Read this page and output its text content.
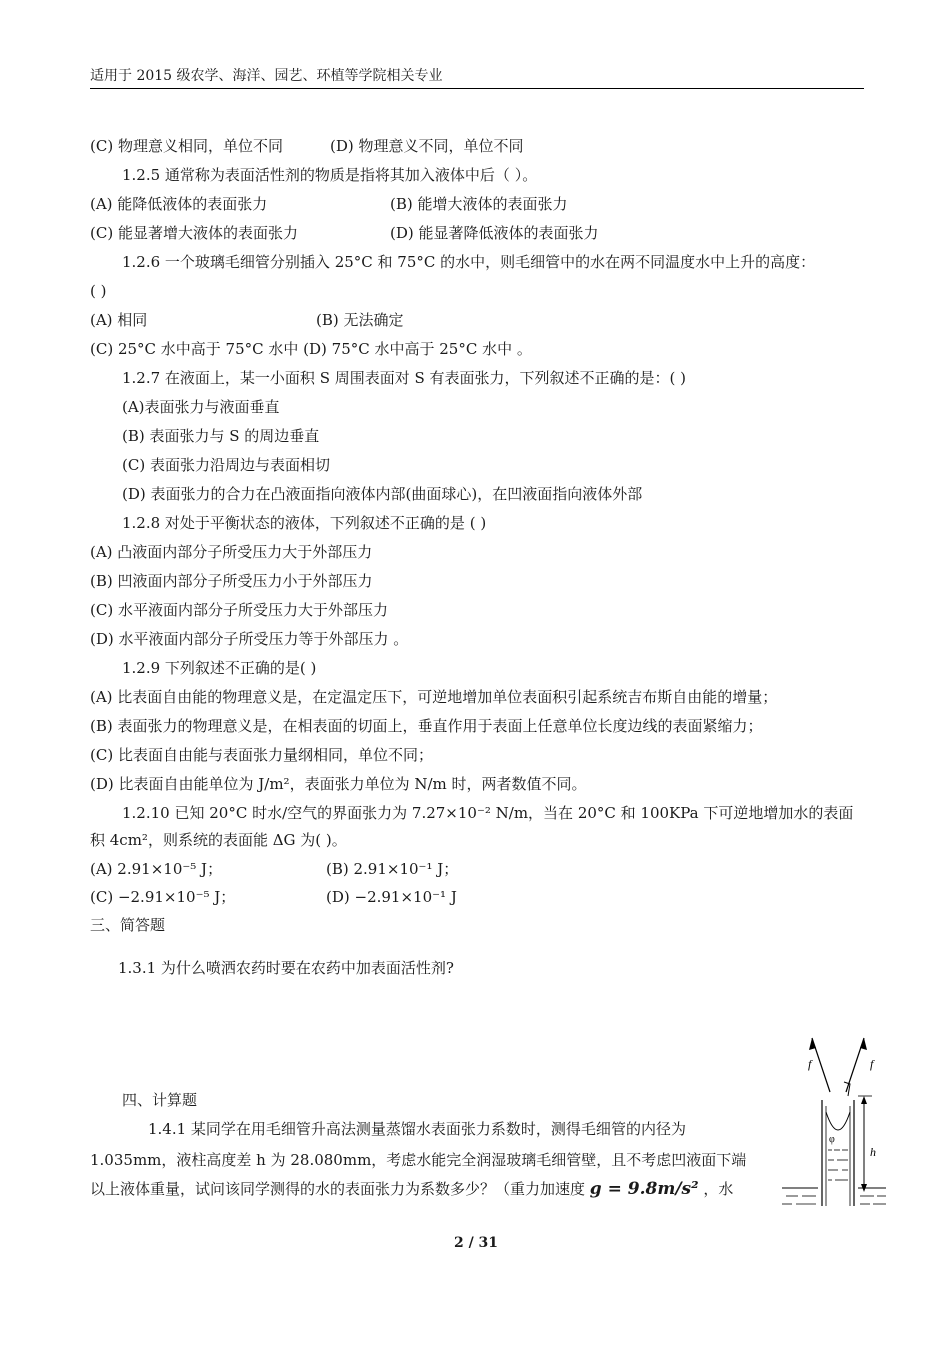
适用于 2015 级农学、海洋、园艺、环植等学院相关专业
(C) 物理意义相同，单位不同	(D) 物理意义不同，单位不同
1.2.5 通常称为表面活性剂的物质是指将其加入液体中后（ ）。
(A) 能降低液体的表面张力	(B) 能增大液体的表面张力
(C) 能显著增大液体的表面张力	(D) 能显著降低液体的表面张力
1.2.6 一个玻璃毛细管分别插入 25°C 和 75°C 的水中，则毛细管中的水在两不同温度水中上升的高度：
( )
(A) 相同	(B) 无法确定
(C) 25°C 水中高于 75°C 水中 (D) 75°C 水中高于 25°C 水中 。
1.2.7 在液面上，某一小面积 S 周围表面对 S 有表面张力，下列叙述不正确的是：( )
(A)表面张力与液面垂直
(B) 表面张力与 S 的周边垂直
(C) 表面张力沿周边与表面相切
(D) 表面张力的合力在凸液面指向液体内部(曲面球心)，在凹液面指向液体外部
1.2.8 对处于平衡状态的液体，下列叙述不正确的是 ( )
(A) 凸液面内部分子所受压力大于外部压力
(B) 凹液面内部分子所受压力小于外部压力
(C) 水平液面内部分子所受压力大于外部压力
(D) 水平液面内部分子所受压力等于外部压力 。
1.2.9 下列叙述不正确的是( )
(A) 比表面自由能的物理意义是，在定温定压下，可逆地增加单位表面积引起系统吉布斯自由能的增量；
(B) 表面张力的物理意义是，在相表面的切面上，垂直作用于表面上任意单位长度边线的表面紧缩力；
(C) 比表面自由能与表面张力量纲相同，单位不同；
(D) 比表面自由能单位为 J/m²，表面张力单位为 N/m 时，两者数值不同。
1.2.10 已知 20°C 时水/空气的界面张力为 7.27×10⁻² N/m，当在 20°C 和 100KPa 下可逆地增加水的表面
积 4cm²，则系统的表面能 ΔG 为( )。
(A) 2.91×10⁻⁵ J；	(B) 2.91×10⁻¹ J；
(C) −2.91×10⁻⁵ J；	(D) −2.91×10⁻¹ J
三、简答题
1.3.1 为什么喷洒农药时要在农药中加表面活性剂?
四、计算题
1.4.1 某同学在用毛细管升高法测量蒸馏水表面张力系数时，测得毛细管的内径为
1.035mm，液柱高度差 h 为 28.080mm，考虑水能完全润湿玻璃毛细管壁，且不考虑凹液面下端
以上液体重量，试问该同学测得的水的表面张力为系数多少？（重力加速度 g = 9.8m/s² ，水
f	f
h
φ
2 / 31
